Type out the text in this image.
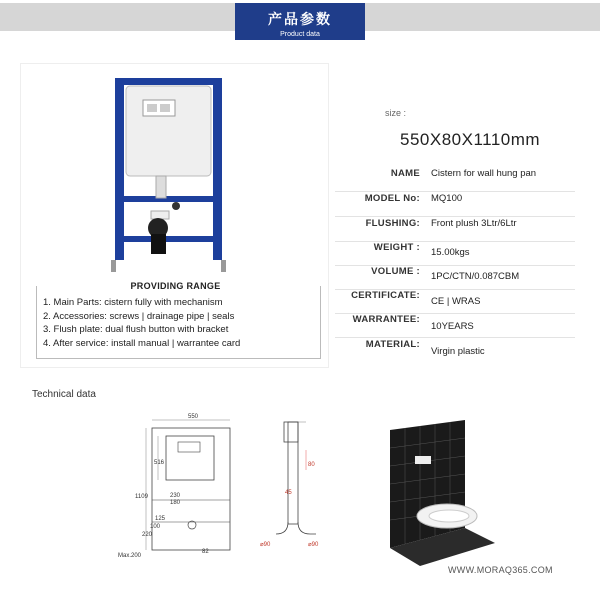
产品参数
Product data
PROVIDING RANGE
1. Main Parts: cistern fully with mechanism
2. Accessories: screws | drainage pipe | seals
3. Flush plate: dual flush button with bracket
4. After service: install manual | warrantee card
size :
550X80X1110mm
NAME Cistern for wall hung pan
MODEL No: MQ100
FLUSHING: Front plush 3Ltr/6Ltr
WEIGHT : 15.00kgs
VOLUME : 1PC/CTN/0.087CBM
CERTIFICATE:
CE | WRAS
WARRANTEE:
10YEARS
MATERIAL:
Virgin plastic
Technical data
550
516
1109	230
180
125
100
220
Max.200
82
80
45
⌀90	⌀90
WWW.MORAQ365.COM
